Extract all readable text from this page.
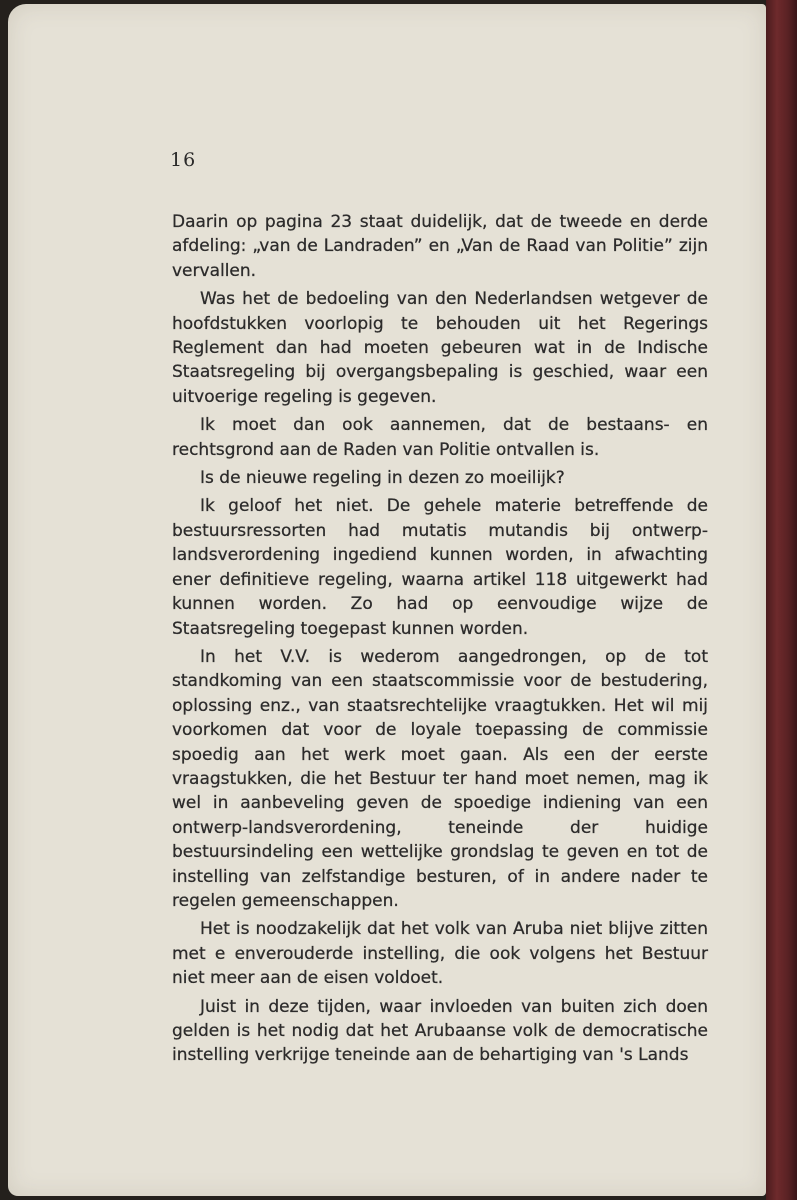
16

Daarin op pagina 23 staat duidelijk, dat de tweede en derde afdeling: „van de Landraden” en „Van de Raad van Politie” zijn vervallen.

Was het de bedoeling van den Nederlandsen wetgever de hoofdstukken voorlopig te behouden uit het Regerings Reglement dan had moeten gebeuren wat in de Indische Staatsregeling bij overgangsbepaling is geschied, waar een uitvoerige regeling is gegeven.

Ik moet dan ook aannemen, dat de bestaans- en rechtsgrond aan de Raden van Politie ontvallen is.

Is de nieuwe regeling in dezen zo moeilijk?

Ik geloof het niet. De gehele materie betreffende de bestuursressorten had mutatis mutandis bij ontwerp-landsverordening ingediend kunnen worden, in afwachting ener definitieve regeling, waarna artikel 118 uitgewerkt had kunnen worden. Zo had op eenvoudige wijze de Staatsregeling toegepast kunnen worden.

In het V.V. is wederom aangedrongen, op de tot standkoming van een staatscommissie voor de bestudering, oplossing enz., van staatsrechtelijke vraagtukken. Het wil mij voorkomen dat voor de loyale toepassing de commissie spoedig aan het werk moet gaan. Als een der eerste vraagstukken, die het Bestuur ter hand moet nemen, mag ik wel in aanbeveling geven de spoedige indiening van een ontwerp-landsverordening, teneinde der huidige bestuursindeling een wettelijke grondslag te geven en tot de instelling van zelfstandige besturen, of in andere nader te regelen gemeenschappen.

Het is noodzakelijk dat het volk van Aruba niet blijve zitten met e enverouderde instelling, die ook volgens het Bestuur niet meer aan de eisen voldoet.

Juist in deze tijden, waar invloeden van buiten zich doen gelden is het nodig dat het Arubaanse volk de democratische instelling verkrijge teneinde aan de behartiging van 's Lands
